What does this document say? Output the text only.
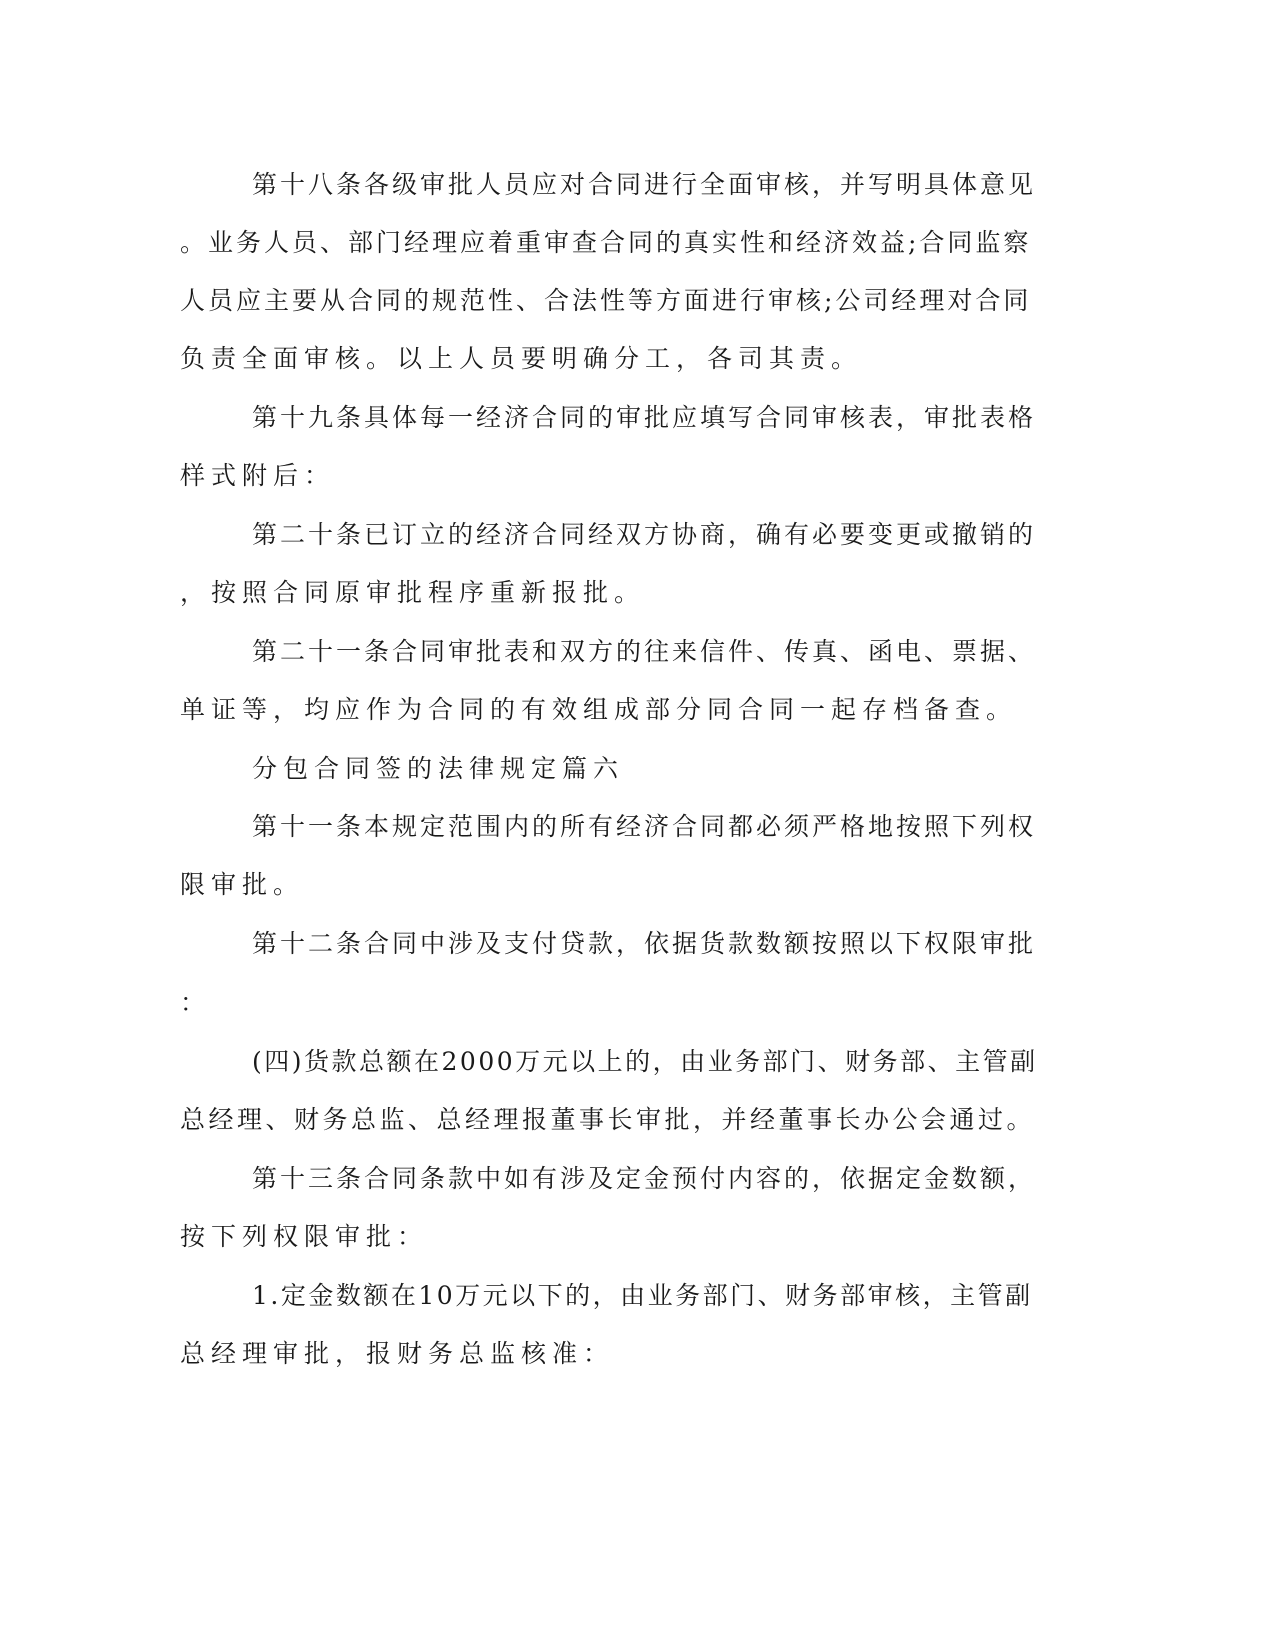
第十八条各级审批人员应对合同进行全面审核，并写明具体意见
。业务人员、部门经理应着重审查合同的真实性和经济效益;合同监察
人员应主要从合同的规范性、合法性等方面进行审核;公司经理对合同
负责全面审核。以上人员要明确分工，各司其责。
第十九条具体每一经济合同的审批应填写合同审核表，审批表格
样式附后：
第二十条已订立的经济合同经双方协商，确有必要变更或撤销的
，按照合同原审批程序重新报批。
第二十一条合同审批表和双方的往来信件、传真、函电、票据、
单证等，均应作为合同的有效组成部分同合同一起存档备查。
分包合同签的法律规定篇六
第十一条本规定范围内的所有经济合同都必须严格地按照下列权
限审批。
第十二条合同中涉及支付贷款，依据货款数额按照以下权限审批
：
(四)货款总额在2000万元以上的，由业务部门、财务部、主管副
总经理、财务总监、总经理报董事长审批，并经董事长办公会通过。
第十三条合同条款中如有涉及定金预付内容的，依据定金数额，
按下列权限审批：
1.定金数额在10万元以下的，由业务部门、财务部审核，主管副
总经理审批，报财务总监核准：
